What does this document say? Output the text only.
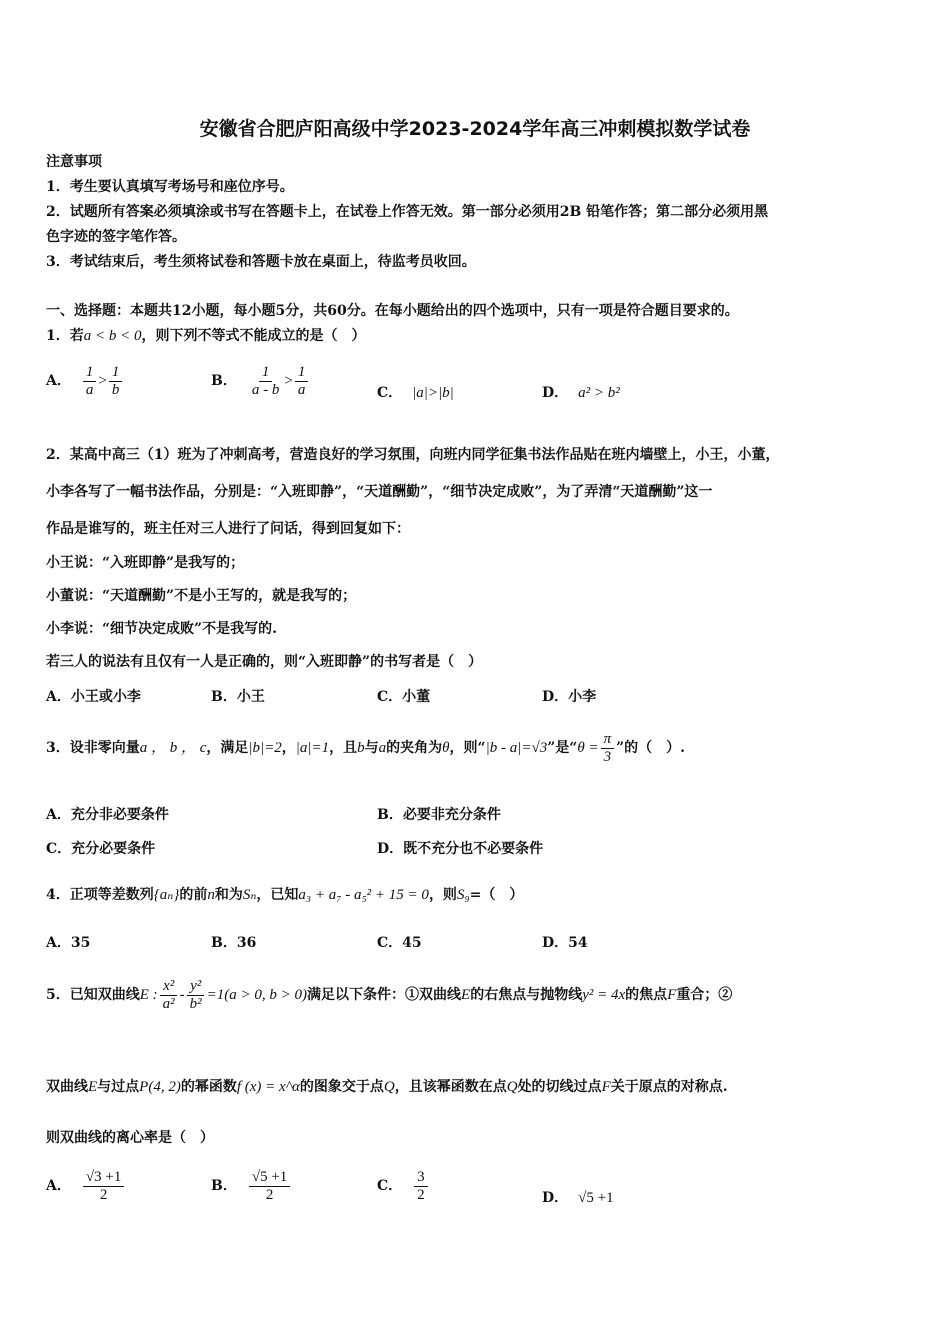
安徽省合肥庐阳高级中学2023-2024学年高三冲刺模拟数学试卷
注意事项
1．考生要认真填写考场号和座位序号。
2．试题所有答案必须填涂或书写在答题卡上，在试卷上作答无效。第一部分必须用2B 铅笔作答；第二部分必须用黑
色字迹的签字笔作答。
3．考试结束后，考生须将试卷和答题卡放在桌面上，待监考员收回。
一、选择题：本题共12小题，每小题5分，共60分。在每小题给出的四个选项中，只有一项是符合题目要求的。
1．若a < b < 0，则下列不等式不能成立的是（　）
A． $\frac{1}{a} > \frac{1}{b}$	B． $\frac{1}{a - b} > \frac{1}{a}$	C． |a|>|b|	D． a² > b²
2．某高中高三（1）班为了冲刺高考，营造良好的学习氛围，向班内同学征集书法作品贴在班内墙壁上，小王，小董，
小李各写了一幅书法作品，分别是：“入班即静”，“天道酬勤”，“细节决定成败”，为了弄清“天道酬勤”这一
作品是谁写的，班主任对三人进行了问话，得到回复如下：
小王说：“入班即静”是我写的；
小董说：“天道酬勤”不是小王写的，就是我写的；
小李说：“细节决定成败”不是我写的.
若三人的说法有且仅有一人是正确的，则“入班即静”的书写者是（　）
A．小王或小李	B．小王	C．小董	D．小李
3．设非零向量a ， b ， c，满足|b|=2，|a|=1，且b与a的夹角为θ，则“|b - a|=√3”是“$\theta = \frac{\pi}{3}$ ”的（　）.
A．充分非必要条件	B．必要非充分条件
C．充分必要条件	D．既不充分也不必要条件
4．正项等差数列{aₙ}的前n和为Sₙ，已知a₃ + a₇ - a₅² + 15 = 0，则S₉=（　）
A．35	B．36	C．45	D．54
5．已知双曲线E : $\frac{\text{x²}}{\text{a²}} - \frac{\text{y²}}{\text{b²}} =1(a > 0$, b > 0)满足以下条件：①双曲线E的右焦点与抛物线y² = 4x的焦点F重合；②
双曲线E与过点P(4, 2)的幂函数f (x) = x^α的图象交于点Q，且该幂函数在点Q处的切线过点F关于原点的对称点.
则双曲线的离心率是（　）
A． $\frac{√3 +1}{2}$	B． $\frac{√5 +1}{2}$	C． $\frac{3}{2}$	D． √5 +1
